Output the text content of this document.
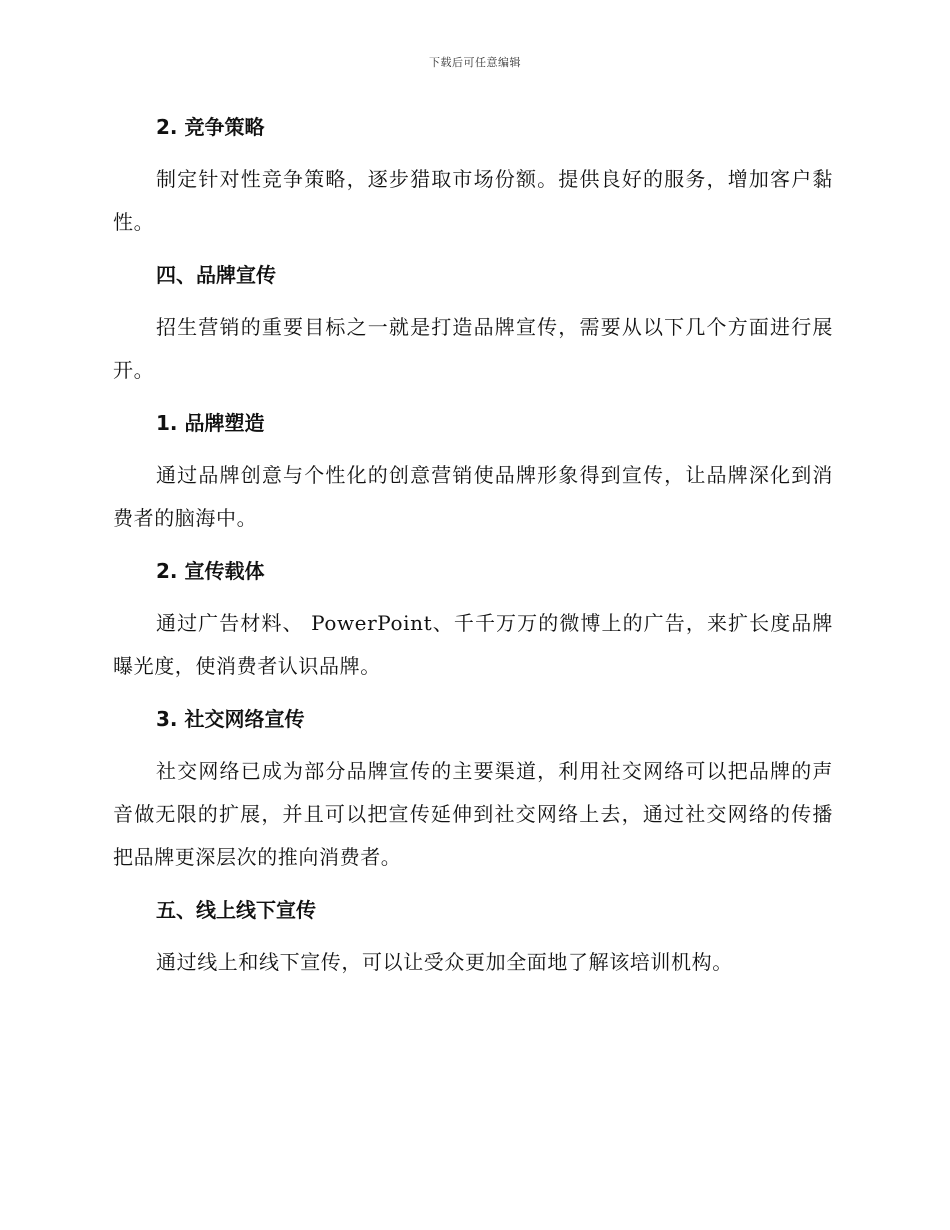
下载后可任意编辑
2. 竞争策略

制定针对性竞争策略，逐步猎取市场份额。提供良好的服务，增加客户黏性。

四、品牌宣传

招生营销的重要目标之一就是打造品牌宣传，需要从以下几个方面进行展开。

1. 品牌塑造

通过品牌创意与个性化的创意营销使品牌形象得到宣传，让品牌深化到消费者的脑海中。

2. 宣传载体

通过广告材料、 PowerPoint、千千万万的微博上的广告，来扩长度品牌曝光度，使消费者认识品牌。

3. 社交网络宣传

社交网络已成为部分品牌宣传的主要渠道，利用社交网络可以把品牌的声音做无限的扩展，并且可以把宣传延伸到社交网络上去，通过社交网络的传播把品牌更深层次的推向消费者。

五、线上线下宣传

通过线上和线下宣传，可以让受众更加全面地了解该培训机构。
